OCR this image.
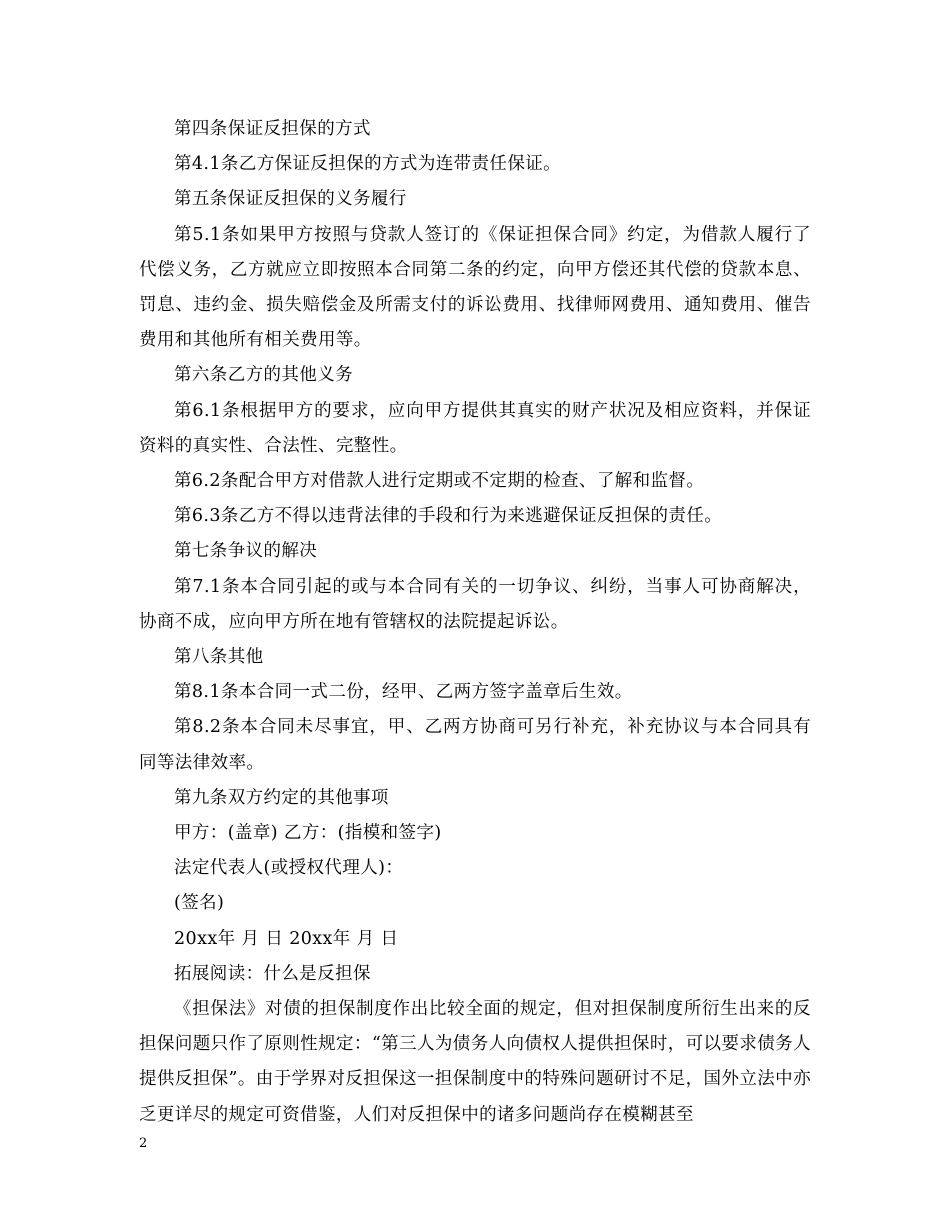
第四条保证反担保的方式

第4.1条乙方保证反担保的方式为连带责任保证。

第五条保证反担保的义务履行

第5.1条如果甲方按照与贷款人签订的《保证担保合同》约定，为借款人履行了代偿义务，乙方就应立即按照本合同第二条的约定，向甲方偿还其代偿的贷款本息、罚息、违约金、损失赔偿金及所需支付的诉讼费用、找律师网费用、通知费用、催告费用和其他所有相关费用等。

第六条乙方的其他义务

第6.1条根据甲方的要求，应向甲方提供其真实的财产状况及相应资料，并保证资料的真实性、合法性、完整性。

第6.2条配合甲方对借款人进行定期或不定期的检查、了解和监督。

第6.3条乙方不得以违背法律的手段和行为来逃避保证反担保的责任。

第七条争议的解决

第7.1条本合同引起的或与本合同有关的一切争议、纠纷，当事人可协商解决，协商不成，应向甲方所在地有管辖权的法院提起诉讼。

第八条其他

第8.1条本合同一式二份，经甲、乙两方签字盖章后生效。

第8.2条本合同未尽事宜，甲、乙两方协商可另行补充，补充协议与本合同具有同等法律效率。

第九条双方约定的其他事项

甲方：(盖章) 乙方：(指模和签字)

法定代表人(或授权代理人)：

(签名)

20xx年 月 日 20xx年 月 日

拓展阅读：什么是反担保

《担保法》对债的担保制度作出比较全面的规定，但对担保制度所衍生出来的反担保问题只作了原则性规定：“第三人为债务人向债权人提供担保时，可以要求债务人提供反担保”。由于学界对反担保这一担保制度中的特殊问题研讨不足，国外立法中亦乏更详尽的规定可资借鉴，人们对反担保中的诸多问题尚存在模糊甚至

2
